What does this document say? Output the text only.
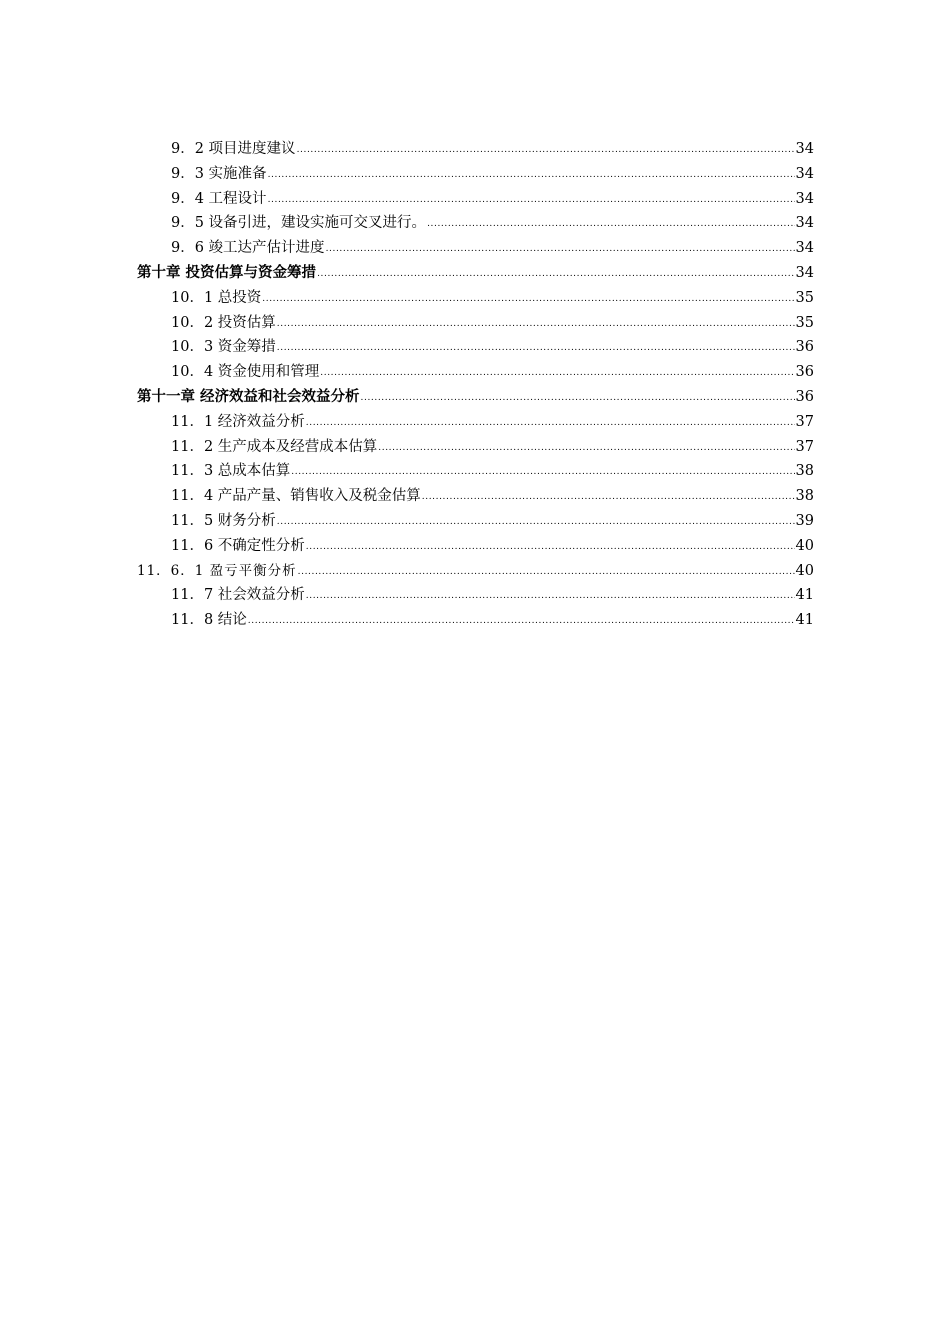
9．2 项目进度建议 .....	34
9．3 实施准备 .....	34
9．4 工程设计 .....	34
9．5 设备引进，建设实施可交叉进行。 .....	34
9．6 竣工达产估计进度 .....	34
第十章 投资估算与资金筹措 .....	34
10．1 总投资 .....	35
10．2 投资估算 .....	35
10．3 资金筹措 .....	36
10．4 资金使用和管理 .....	36
第十一章 经济效益和社会效益分析 .....	36
11．1 经济效益分析 .....	37
11．2 生产成本及经营成本估算 .....	37
11．3 总成本估算 .....	38
11．4 产品产量、销售收入及税金估算 .....	38
11．5 财务分析 .....	39
11．6 不确定性分析 .....	40
11．6．1 盈亏平衡分析 .....	40
11．7 社会效益分析 .....	41
11．8 结论 .....	41
